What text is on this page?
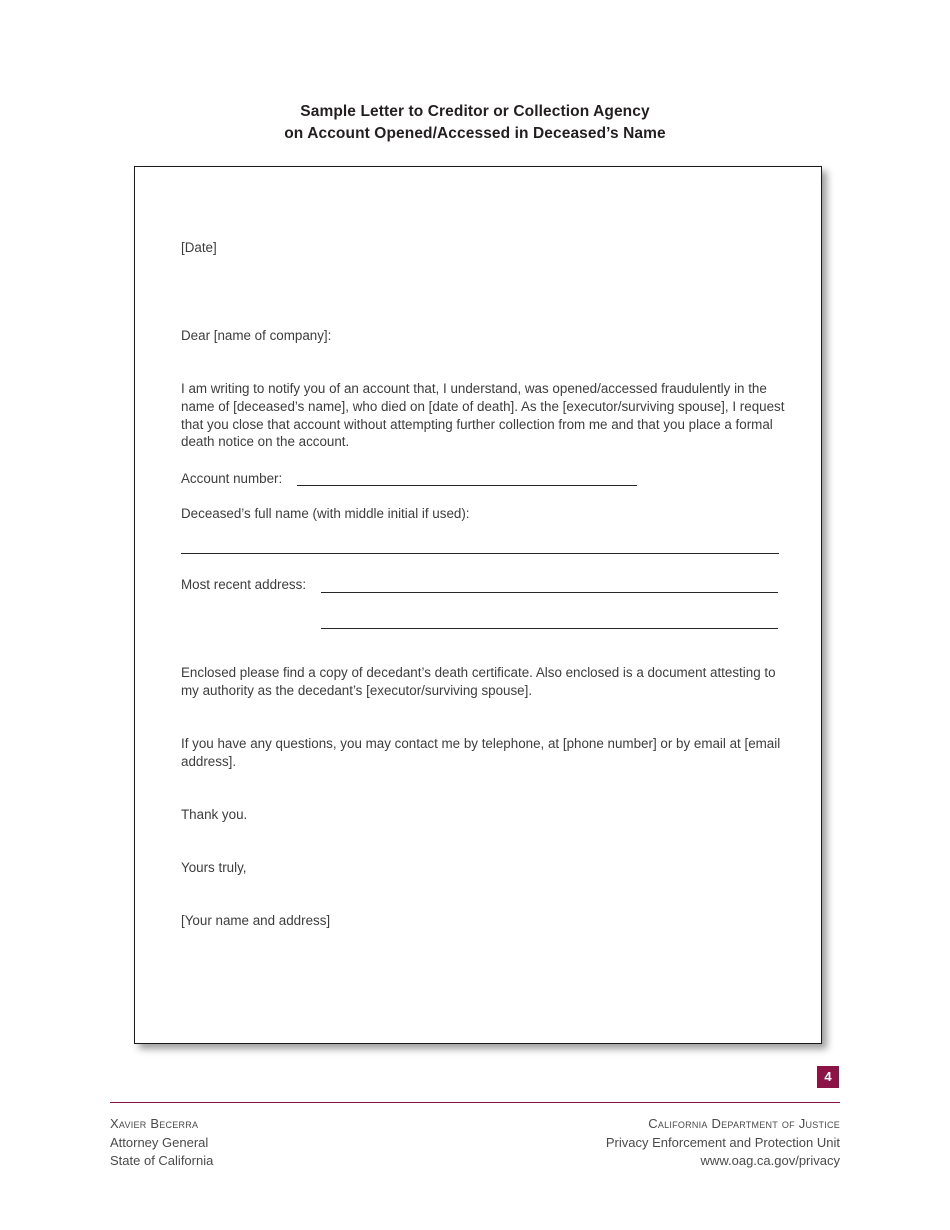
Sample Letter to Creditor or Collection Agency
on Account Opened/Accessed in Deceased’s Name
[Date]
Dear [name of company]:
I am writing to notify you of an account that, I understand, was opened/accessed fraudulently in the name of [deceased’s name], who died on [date of death]. As the [executor/surviving spouse], I request that you close that account without attempting further collection from me and that you place a formal death notice on the account.
Account number:
Deceased’s full name (with middle initial if used):
Most recent address:
Enclosed please find a copy of decedant’s death certificate. Also enclosed is a document attesting to my authority as the decedant’s [executor/surviving spouse].
If you have any questions, you may contact me by telephone, at [phone number] or by email at [email address].
Thank you.
Yours truly,
[Your name and address]
4
Xavier Becerra
Attorney General
State of California
California Department of Justice
Privacy Enforcement and Protection Unit
www.oag.ca.gov/privacy
